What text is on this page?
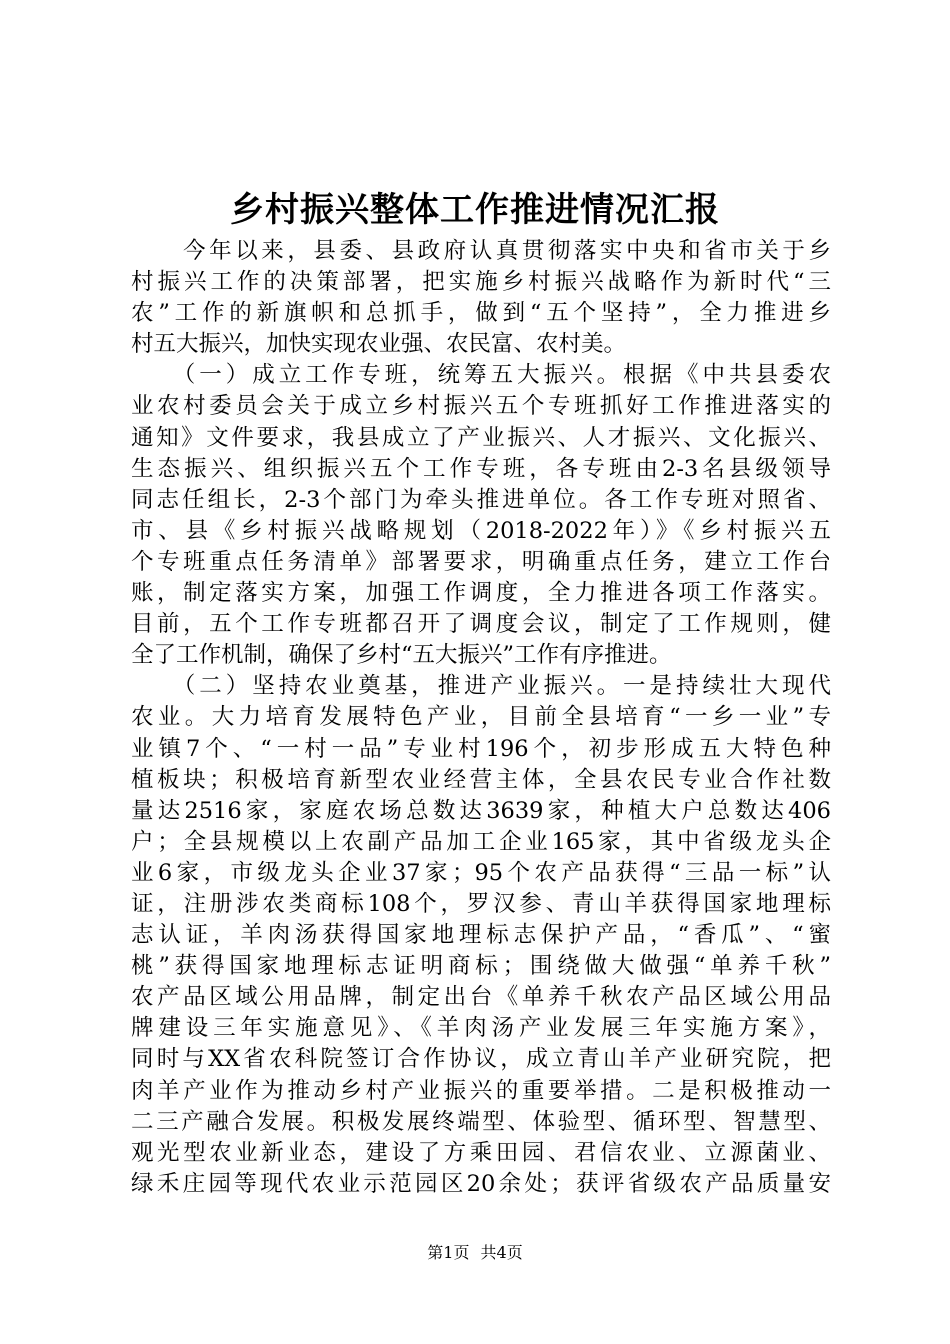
乡村振兴整体工作推进情况汇报
　　今年以来，县委、县政府认真贯彻落实中央和省市关于乡
村振兴工作的决策部署，把实施乡村振兴战略作为新时代“三
农”工作的新旗帜和总抓手，做到“五个坚持”，全力推进乡
村五大振兴，加快实现农业强、农民富、农村美。
　　（一）成立工作专班，统筹五大振兴。根据《中共县委农
业农村委员会关于成立乡村振兴五个专班抓好工作推进落实的
通知》文件要求，我县成立了产业振兴、人才振兴、文化振兴、
生态振兴、组织振兴五个工作专班，各专班由2-3名县级领导
同志任组长，2-3个部门为牵头推进单位。各工作专班对照省、
市、县《乡村振兴战略规划（2018-2022年）》《乡村振兴五
个专班重点任务清单》部署要求，明确重点任务，建立工作台
账，制定落实方案，加强工作调度，全力推进各项工作落实。
目前，五个工作专班都召开了调度会议，制定了工作规则，健
全了工作机制，确保了乡村“五大振兴”工作有序推进。
　　（二）坚持农业奠基，推进产业振兴。一是持续壮大现代
农业。大力培育发展特色产业，目前全县培育“一乡一业”专
业镇7个、“一村一品”专业村196个，初步形成五大特色种
植板块；积极培育新型农业经营主体，全县农民专业合作社数
量达2516家，家庭农场总数达3639家，种植大户总数达406
户；全县规模以上农副产品加工企业165家，其中省级龙头企
业6家，市级龙头企业37家；95个农产品获得“三品一标”认
证，注册涉农类商标108个，罗汉参、青山羊获得国家地理标
志认证，羊肉汤获得国家地理标志保护产品，“香瓜”、“蜜
桃”获得国家地理标志证明商标；围绕做大做强“单养千秋”
农产品区域公用品牌，制定出台《单养千秋农产品区域公用品
牌建设三年实施意见》、《羊肉汤产业发展三年实施方案》，
同时与XX省农科院签订合作协议，成立青山羊产业研究院，把
肉羊产业作为推动乡村产业振兴的重要举措。二是积极推动一
二三产融合发展。积极发展终端型、体验型、循环型、智慧型、
观光型农业新业态，建设了方乘田园、君信农业、立源菌业、
绿禾庄园等现代农业示范园区20余处；获评省级农产品质量安
第1页 共4页
